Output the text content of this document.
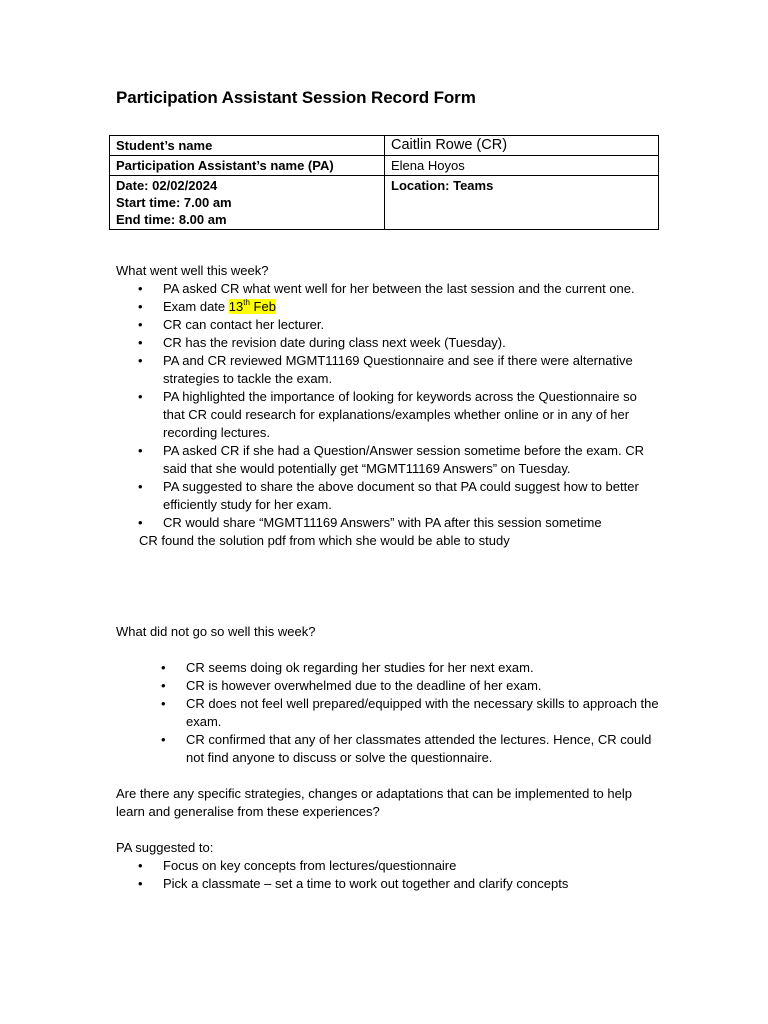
Participation Assistant Session Record Form
Student’s name	Caitlin Rowe (CR)
Participation Assistant’s name (PA)	Elena Hoyos

Date: 02/02/2024
Start time: 7.00 am
End time: 8.00 am	Location: Teams

What went well this week?

• PA asked CR what went well for her between the last session and the current one.
• Exam date 13th Feb
• CR can contact her lecturer.
• CR has the revision date during class next week (Tuesday).
• PA and CR reviewed MGMT11169 Questionnaire and see if there were alternative strategies to tackle the exam.
• PA highlighted the importance of looking for keywords across the Questionnaire so that CR could research for explanations/examples whether online or in any of her recording lectures.
• PA asked CR if she had a Question/Answer session sometime before the exam. CR said that she would potentially get “MGMT11169 Answers” on Tuesday.
• PA suggested to share the above document so that PA could suggest how to better efficiently study for her exam.
• CR would share “MGMT11169 Answers” with PA after this session sometime
CR found the solution pdf from which she would be able to study

What did not go so well this week?

• CR seems doing ok regarding her studies for her next exam.
• CR is however overwhelmed due to the deadline of her exam.
• CR does not feel well prepared/equipped with the necessary skills to approach the exam.
• CR confirmed that any of her classmates attended the lectures. Hence, CR could not find anyone to discuss or solve the questionnaire.

Are there any specific strategies, changes or adaptations that can be implemented to help learn and generalise from these experiences?

PA suggested to:

• Focus on key concepts from lectures/questionnaire
• Pick a classmate – set a time to work out together and clarify concepts
